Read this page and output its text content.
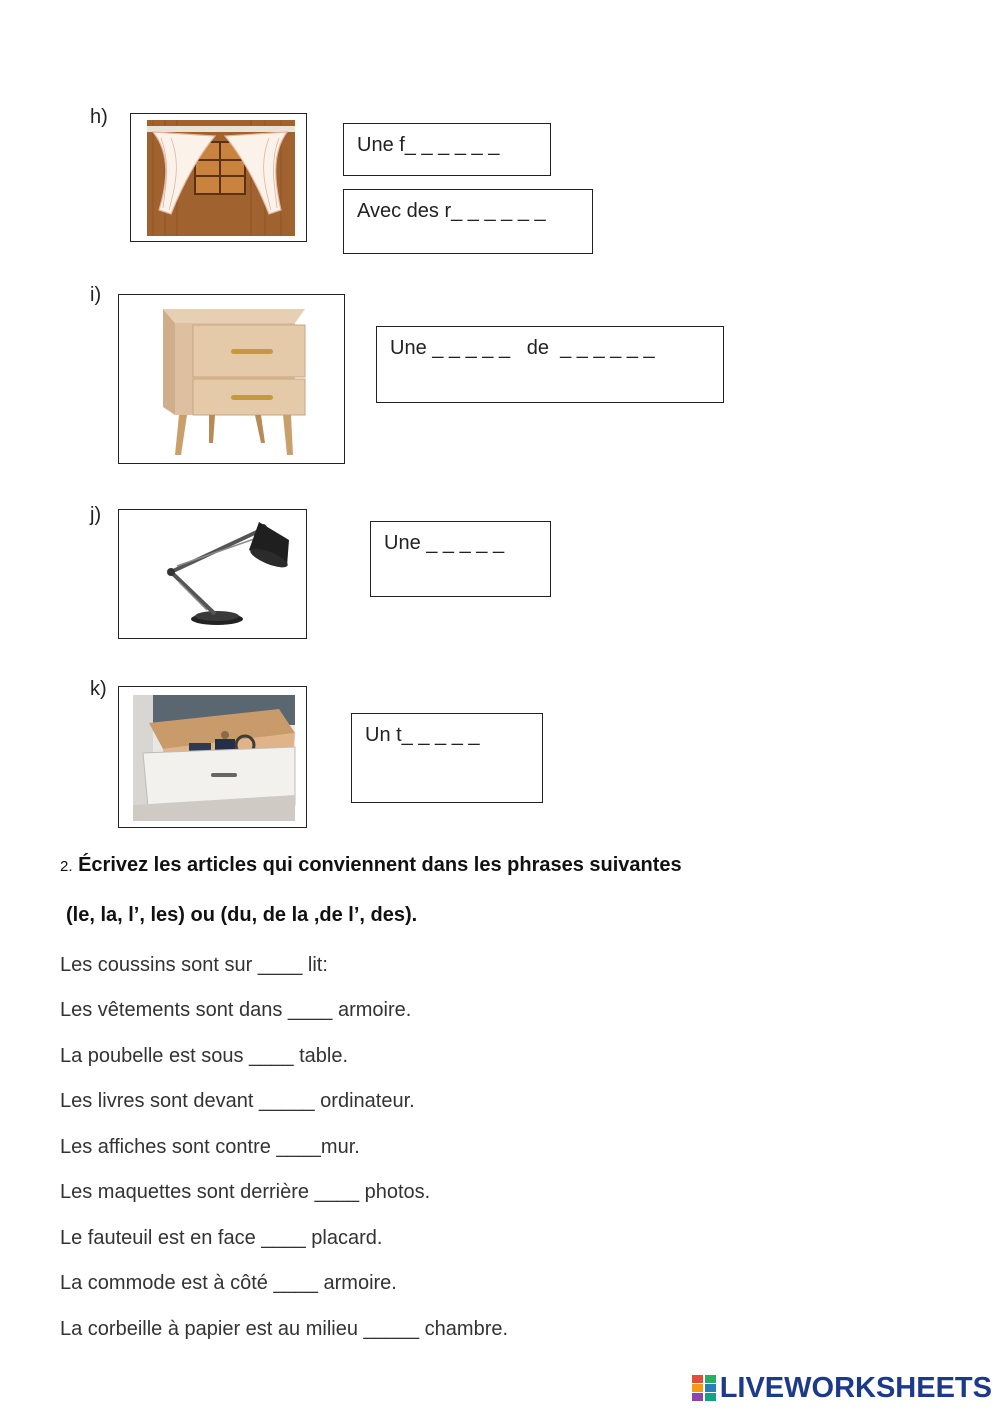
h)
Une f_ _ _ _ _ _
Avec des r_ _ _ _ _ _
i)
Une _ _ _ _ _   de  _ _ _ _ _ _
j)
Une _ _ _ _ _
k)
Un t_ _ _ _ _
2. Écrivez les articles qui conviennent dans les phrases suivantes
(le, la, l’, les) ou (du, de la ,de l’, des).
Les coussins sont sur ____ lit:
Les vêtements sont dans ____ armoire.
La poubelle est sous ____ table.
Les livres sont devant _____ ordinateur.
Les affiches sont contre ____mur.
Les maquettes sont derrière ____ photos.
Le fauteuil est en face ____ placard.
La commode est à côté ____ armoire.
La corbeille à papier est au milieu _____ chambre.
LIVEWORKSHEETS
